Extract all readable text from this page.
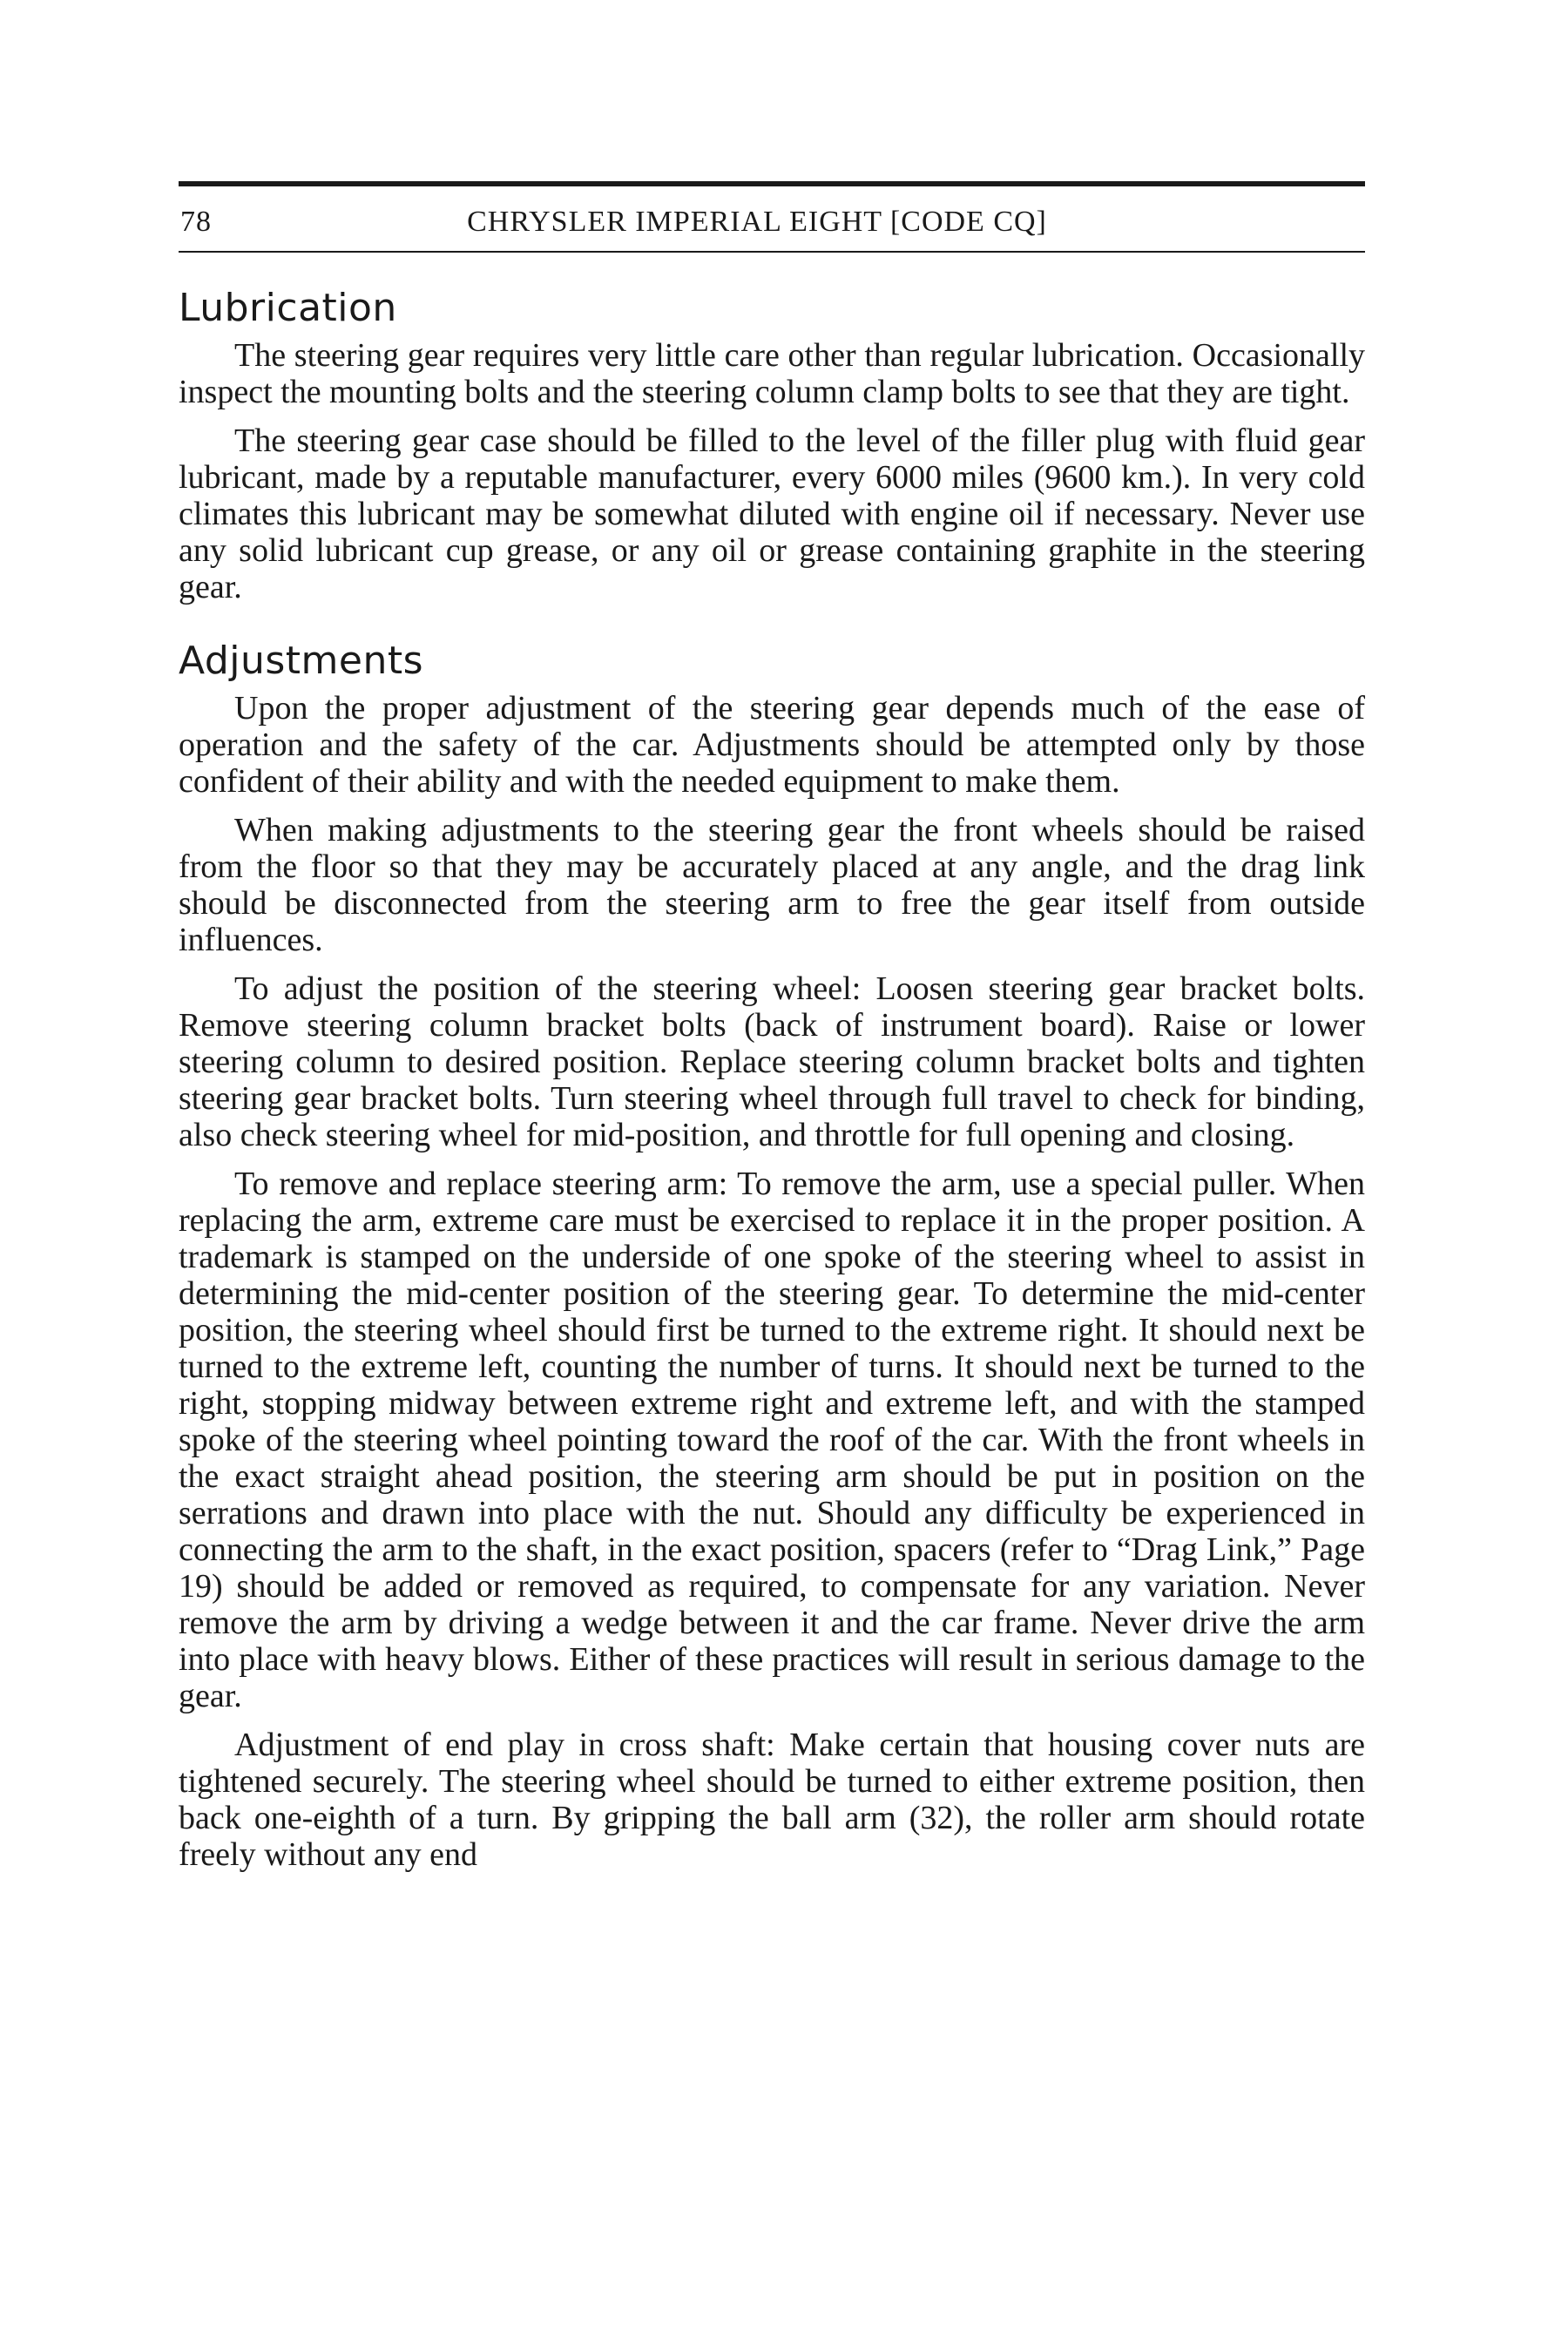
78	CHRYSLER IMPERIAL EIGHT [CODE CQ]
Lubrication

The steering gear requires very little care other than regular lubrication. Occasionally inspect the mounting bolts and the steering column clamp bolts to see that they are tight.

The steering gear case should be filled to the level of the filler plug with fluid gear lubricant, made by a reputable manufacturer, every 6000 miles (9600 km.). In very cold climates this lubricant may be somewhat diluted with engine oil if necessary. Never use any solid lubricant cup grease, or any oil or grease containing graphite in the steering gear.

Adjustments

Upon the proper adjustment of the steering gear depends much of the ease of operation and the safety of the car. Adjustments should be attempted only by those confident of their ability and with the needed equipment to make them.

When making adjustments to the steering gear the front wheels should be raised from the floor so that they may be accurately placed at any angle, and the drag link should be disconnected from the steering arm to free the gear itself from outside influences.

To adjust the position of the steering wheel: Loosen steering gear bracket bolts. Remove steering column bracket bolts (back of instrument board). Raise or lower steering column to desired position. Replace steering column bracket bolts and tighten steering gear bracket bolts. Turn steering wheel through full travel to check for binding, also check steering wheel for mid-position, and throttle for full opening and closing.

To remove and replace steering arm: To remove the arm, use a special puller. When replacing the arm, extreme care must be exercised to replace it in the proper position. A trademark is stamped on the underside of one spoke of the steering wheel to assist in determining the mid-center position of the steering gear. To determine the mid-center position, the steering wheel should first be turned to the extreme right. It should next be turned to the extreme left, counting the number of turns. It should next be turned to the right, stopping midway between extreme right and extreme left, and with the stamped spoke of the steering wheel pointing toward the roof of the car. With the front wheels in the exact straight ahead position, the steering arm should be put in position on the serrations and drawn into place with the nut. Should any difficulty be experienced in connecting the arm to the shaft, in the exact position, spacers (refer to “Drag Link,” Page 19) should be added or removed as required, to compensate for any variation. Never remove the arm by driving a wedge between it and the car frame. Never drive the arm into place with heavy blows. Either of these practices will result in serious damage to the gear.

Adjustment of end play in cross shaft: Make certain that housing cover nuts are tightened securely. The steering wheel should be turned to either extreme position, then back one-eighth of a turn. By gripping the ball arm (32), the roller arm should rotate freely without any end
